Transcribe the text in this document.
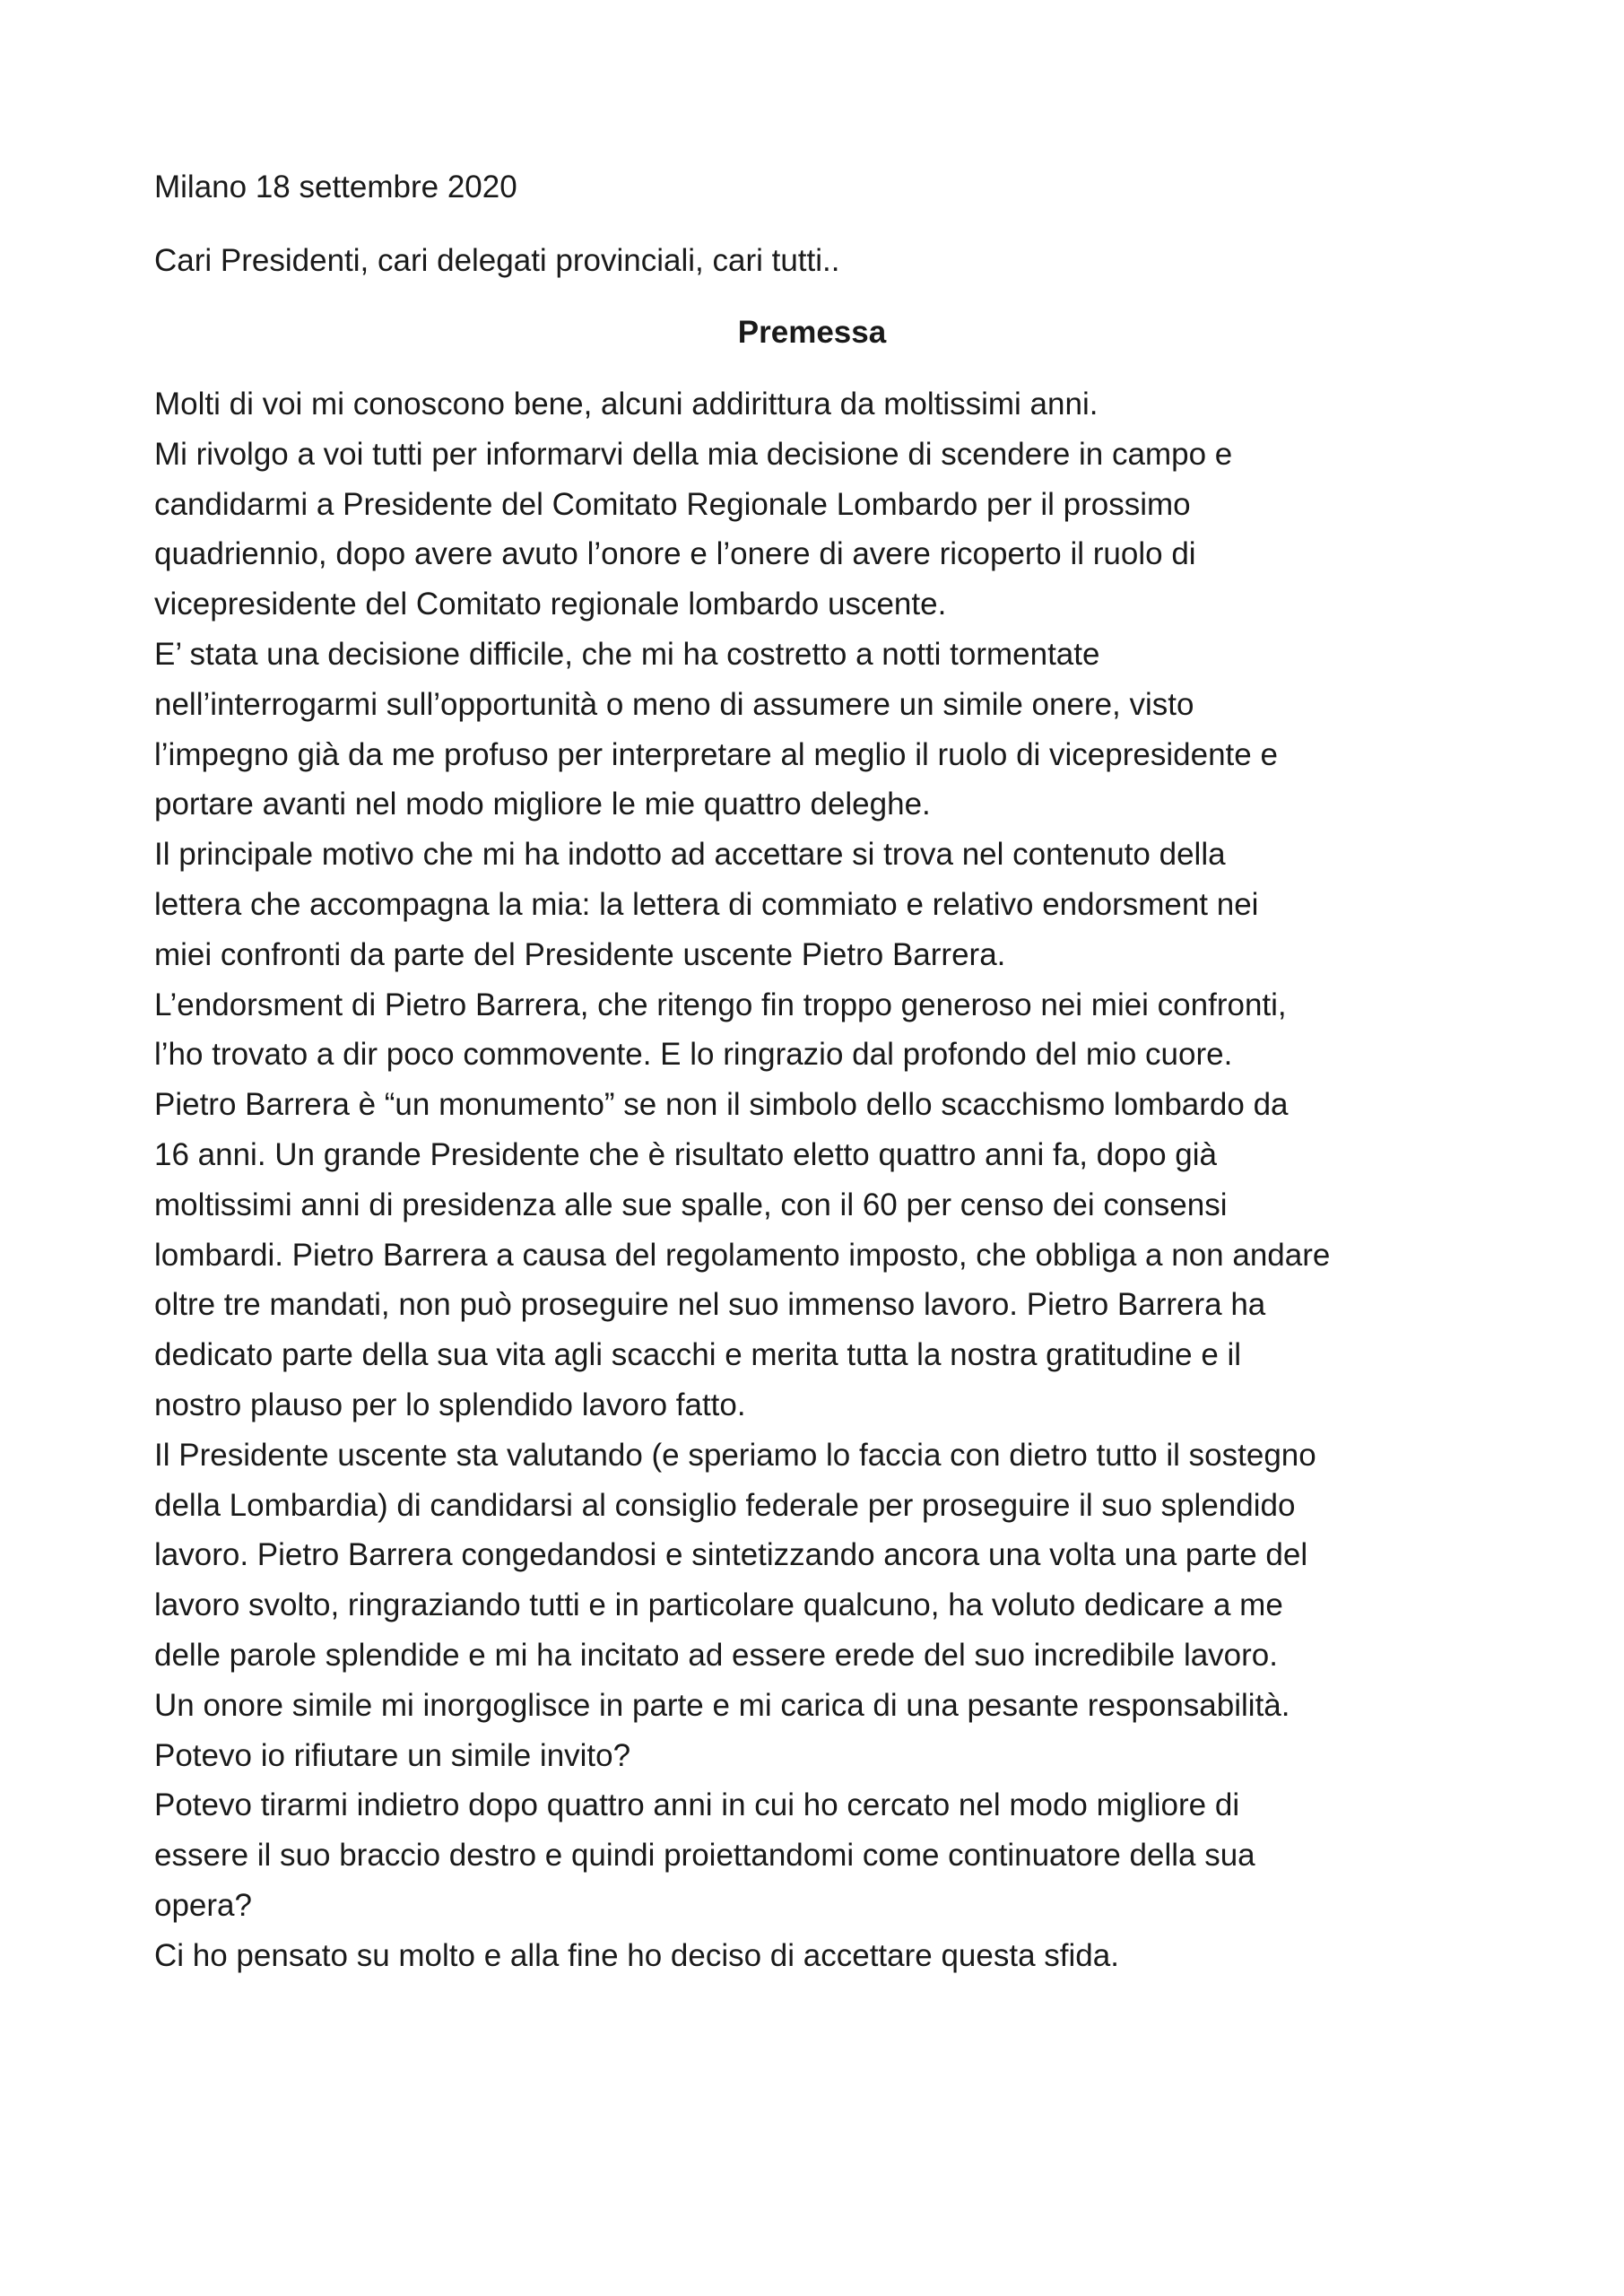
Milano 18 settembre 2020
Cari Presidenti, cari delegati provinciali, cari tutti..
Premessa
Molti di voi mi conoscono bene, alcuni addirittura da moltissimi anni.
Mi rivolgo a voi tutti per informarvi della mia decisione di scendere in campo e
candidarmi a Presidente del Comitato Regionale Lombardo per il prossimo
quadriennio, dopo avere avuto l’onore e l’onere di avere ricoperto il ruolo di
vicepresidente del Comitato regionale lombardo uscente.
E’ stata una decisione difficile, che mi ha costretto a notti tormentate
nell’interrogarmi sull’opportunità o meno di assumere un simile onere, visto
l’impegno già da me profuso per interpretare al meglio il ruolo di vicepresidente e
portare avanti nel modo migliore le mie quattro deleghe.
Il principale motivo che mi ha indotto ad accettare si trova nel contenuto della
lettera che accompagna la mia: la lettera di commiato e relativo endorsment nei
miei confronti da parte del Presidente uscente Pietro Barrera.
L’endorsment di Pietro Barrera, che ritengo fin troppo generoso nei miei confronti,
l’ho trovato a dir poco commovente. E lo ringrazio dal profondo del mio cuore.
Pietro Barrera è “un monumento” se non il simbolo dello scacchismo lombardo da
16 anni. Un grande Presidente che è risultato eletto quattro anni fa, dopo già
moltissimi anni di presidenza alle sue spalle, con il 60 per censo dei consensi
lombardi. Pietro Barrera a causa del regolamento imposto, che obbliga a non andare
oltre tre mandati, non può proseguire nel suo immenso lavoro. Pietro Barrera ha
dedicato parte della sua vita agli scacchi e merita tutta la nostra gratitudine e il
nostro plauso per lo splendido lavoro fatto.
Il Presidente uscente sta valutando (e speriamo lo faccia con dietro tutto il sostegno
della Lombardia) di candidarsi al consiglio federale per proseguire il suo splendido
lavoro. Pietro Barrera congedandosi e sintetizzando ancora una volta una parte del
lavoro svolto, ringraziando tutti e in particolare qualcuno, ha voluto dedicare a me
delle parole splendide e mi ha incitato ad essere erede del suo incredibile lavoro.
Un onore simile mi inorgoglisce in parte e mi carica di una pesante responsabilità.
Potevo io rifiutare un simile invito?
Potevo tirarmi indietro dopo quattro anni in cui ho cercato nel modo migliore di
essere il suo braccio destro e quindi proiettandomi come continuatore della sua
opera?
Ci ho pensato su molto e alla fine ho deciso di accettare questa sfida.
